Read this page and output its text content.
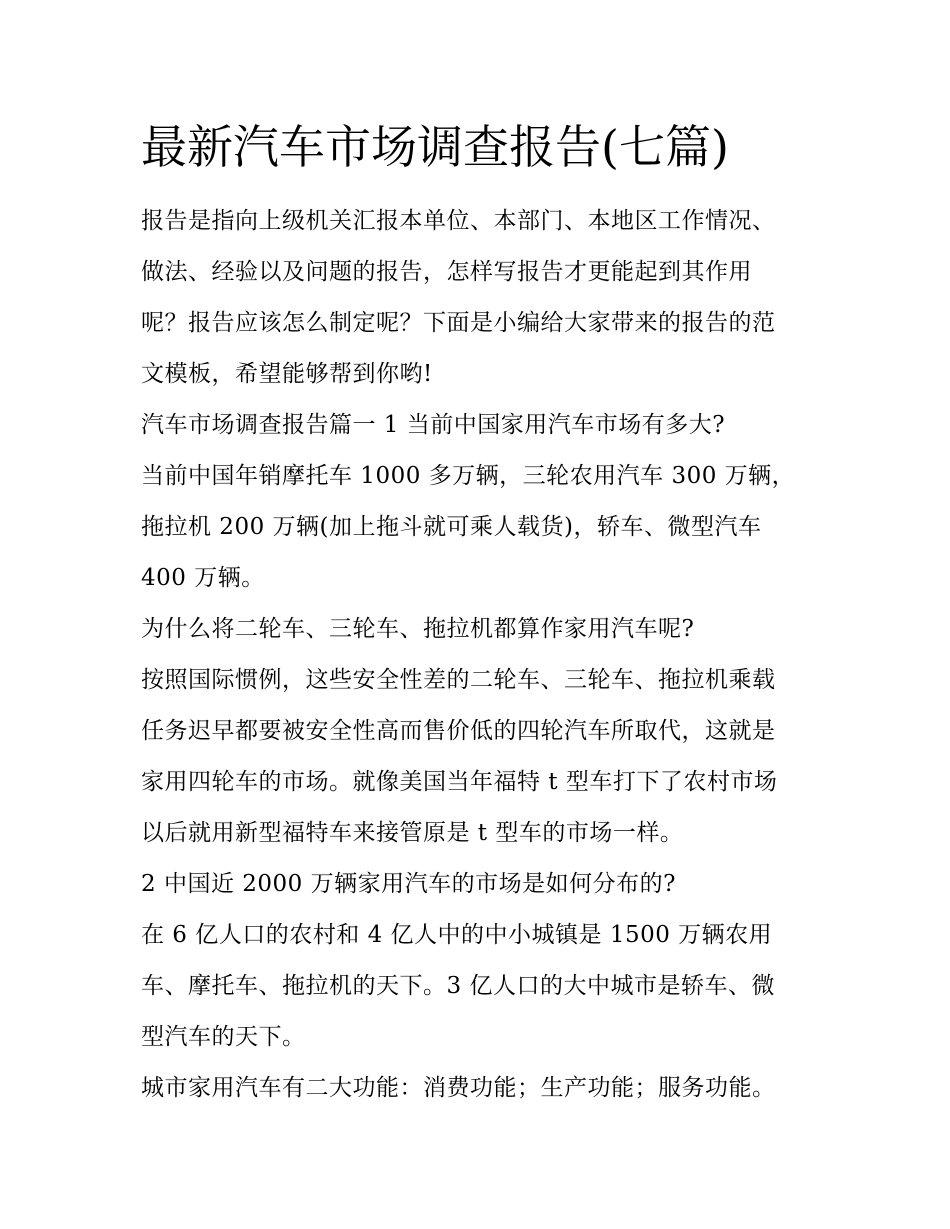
最新汽车市场调查报告(七篇)

报告是指向上级机关汇报本单位、本部门、本地区工作情况、

做法、经验以及问题的报告，怎样写报告才更能起到其作用

呢？报告应该怎么制定呢？下面是小编给大家带来的报告的范

文模板，希望能够帮到你哟!

汽车市场调查报告篇一 1 当前中国家用汽车市场有多大?

当前中国年销摩托车 1000 多万辆，三轮农用汽车 300 万辆，

拖拉机 200 万辆(加上拖斗就可乘人载货)，轿车、微型汽车

400 万辆。

为什么将二轮车、三轮车、拖拉机都算作家用汽车呢?

按照国际惯例，这些安全性差的二轮车、三轮车、拖拉机乘载

任务迟早都要被安全性高而售价低的四轮汽车所取代，这就是

家用四轮车的市场。就像美国当年福特 t 型车打下了农村市场

以后就用新型福特车来接管原是 t 型车的市场一样。

2 中国近 2000 万辆家用汽车的市场是如何分布的?

在 6 亿人口的农村和 4 亿人中的中小城镇是 1500 万辆农用

车、摩托车、拖拉机的天下。3 亿人口的大中城市是轿车、微

型汽车的天下。

城市家用汽车有二大功能：消费功能；生产功能；服务功能。
